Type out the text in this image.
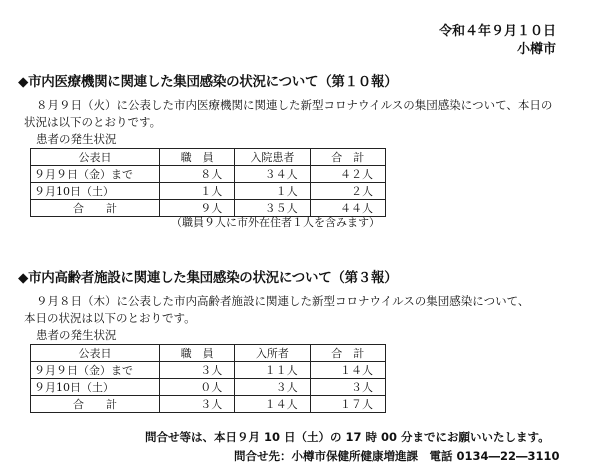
令和４年９月１０日
小樽市
◆市内医療機関に関連した集団感染の状況について（第１０報）
８月９日（火）に公表した市内医療機関に関連した新型コロナウイルスの集団感染について、本日の
状況は以下のとおりです。
患者の発生状況
公表日	職　員	入院患者	合　計
９月９日（金）まで	８人	３４人	４２人
９月10日（土）	１人	１人	２人
合　　計	９人	３５人	４４人
（職員９人に市外在住者１人を含みます）
◆市内高齢者施設に関連した集団感染の状況について（第３報）
９月８日（木）に公表した市内高齢者施設に関連した新型コロナウイルスの集団感染について、
本日の状況は以下のとおりです。
患者の発生状況
公表日	職　員	入所者	合　計
９月９日（金）まで	３人	１１人	１４人
９月10日（土）	０人	３人	３人
合　　計	３人	１４人	１７人
問合せ等は、本日９月 10 日（土）の 17 時 00 分までにお願いいたします。
問合せ先：小樽市保健所健康増進課　電話 0134―22―3110
